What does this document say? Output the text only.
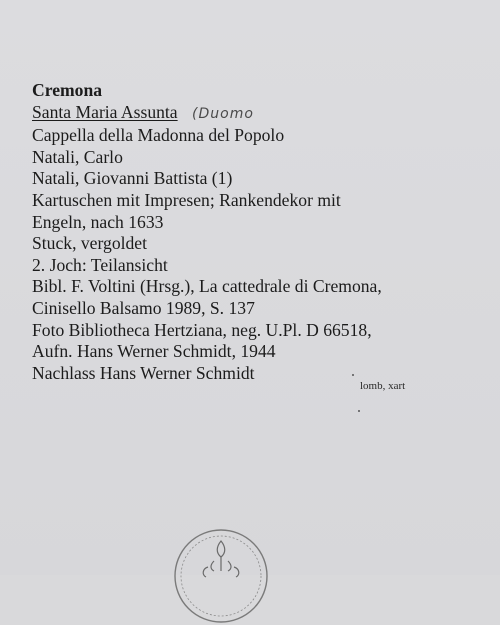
Cremona
Santa Maria Assunta (Duomo
Cappella della Madonna del Popolo
Natali, Carlo
Natali, Giovanni Battista (1)
Kartuschen mit Impresen; Rankendekor mit
Engeln, nach 1633
Stuck, vergoldet
2. Joch: Teilansicht
Bibl. F. Voltini (Hrsg.), La cattedrale di Cremona,
Cinisello Balsamo 1989, S. 137
Foto Bibliotheca Hertziana, neg. U.Pl. D 66518,
Aufn. Hans Werner Schmidt, 1944
Nachlass Hans Werner Schmidt
lomb, xart
